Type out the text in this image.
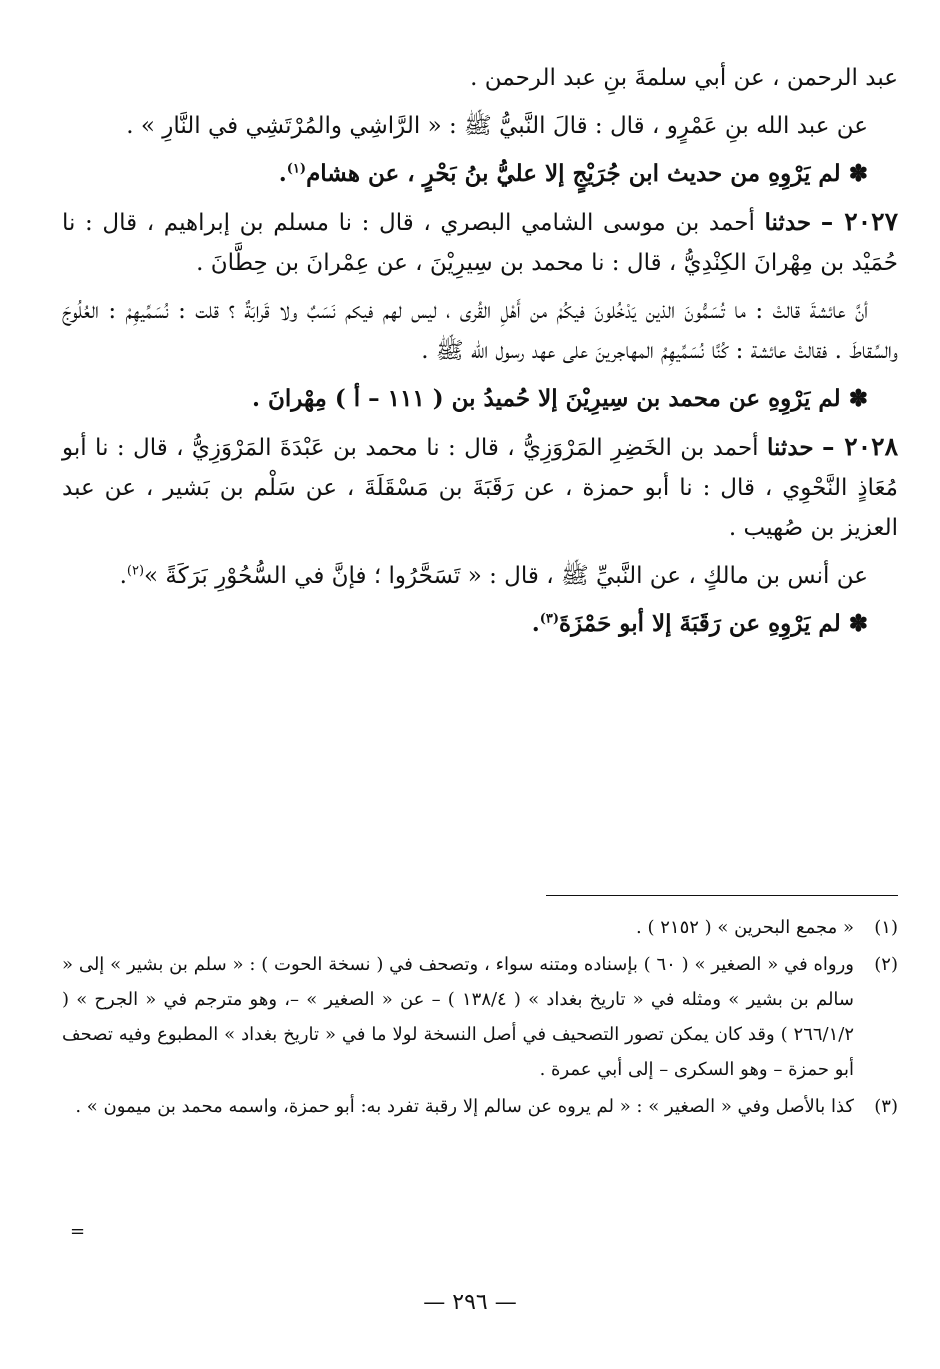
عبد الرحمن ، عن أبي سلمةَ بنِ عبد الرحمن .

عن عبد الله بنِ عَمْرٍو ، قال : قالَ النَّبيُّ ﷺ : « الرَّاشِي والمُرْتَشِي في النَّارِ » .

✽ لم يَرْوِهِ من حديث ابن جُرَيْجٍ إلا عليُّ بنُ بَحْرٍ ، عن هشام$^{(١)}$.

٢٠٢٧ – حدثنا أحمد بن موسى الشامي البصري ، قال : نا مسلم بن إبراهيم ، قال : نا حُمَيْد بن مِهْرانَ الكِنْدِيُّ ، قال : نا محمد بن سِيرِيْنَ ، عن عِمْرانَ بن حِطَّانَ .

أنَّ عائشةَ قالتْ : ما تُسَمُّونَ الذين يَدْخُلونَ فيكُمْ من أَهْلِ القُرى ، ليس لهم فيكم نَسَبٌ ولا قَرابَةٌ ؟ قلت : نُسَمِّيهِمْ : العُلُوجَ والسِّقاطَ . فقالتْ عائشة : كُنَّا نُسَمِّيهِمُ المهاجرينَ على عهد رسول الله ﷺ .

✽ لم يَرْوِهِ عن محمد بن سِيرِيْنَ إلا حُميدُ بن ( ١١١ – أ ) مِهْرانَ .

٢٠٢٨ – حدثنا أحمد بن الخَضِرِ المَرْوَزِيُّ ، قال : نا محمد بن عَبْدَةَ المَرْوَزِيُّ ، قال : نا أبو مُعَاذٍ النَّحْوِي ، قال : نا أبو حمزة ، عن رَقَبَةَ بن مَسْقَلَةَ ، عن سَلْم بن بَشير ، عن عبد العزيز بن صُهيب .

عن أنس بن مالكٍ ، عن النَّبيِّ ﷺ ، قال : « تَسَحَّرُوا ؛ فإنَّ في السُّحُوْرِ بَرَكَةً »$^{(٢)}$.

✽ لم يَرْوِهِ عن رَقَبَةَ إلا أبو حَمْزَةَ$^{(٣)}$.

(١)
« مجمع البحرين » ( ٢١٥٢ ) .
(٢)
ورواه في « الصغير » ( ٦٠ ) بإسناده ومتنه سواء ، وتصحف في ( نسخة الحوت ) : « سلم بن بشير » إلى « سالم بن بشير » ومثله في « تاريخ بغداد » ( ١٣٨/٤ ) – عن « الصغير » –، وهو مترجم في « الجرح » ( ٢٦٦/١/٢ ) وقد كان يمكن تصور التصحيف في أصل النسخة لولا ما في « تاريخ بغداد » المطبوع وفيه تصحف أبو حمزة – وهو السكرى – إلى أبي عمرة .
(٣)
كذا بالأصل وفي « الصغير » : « لم يروه عن سالم إلا رقبة تفرد به: أبو حمزة، واسمه محمد بن ميمون » .
=
— ٢٩٦ —
